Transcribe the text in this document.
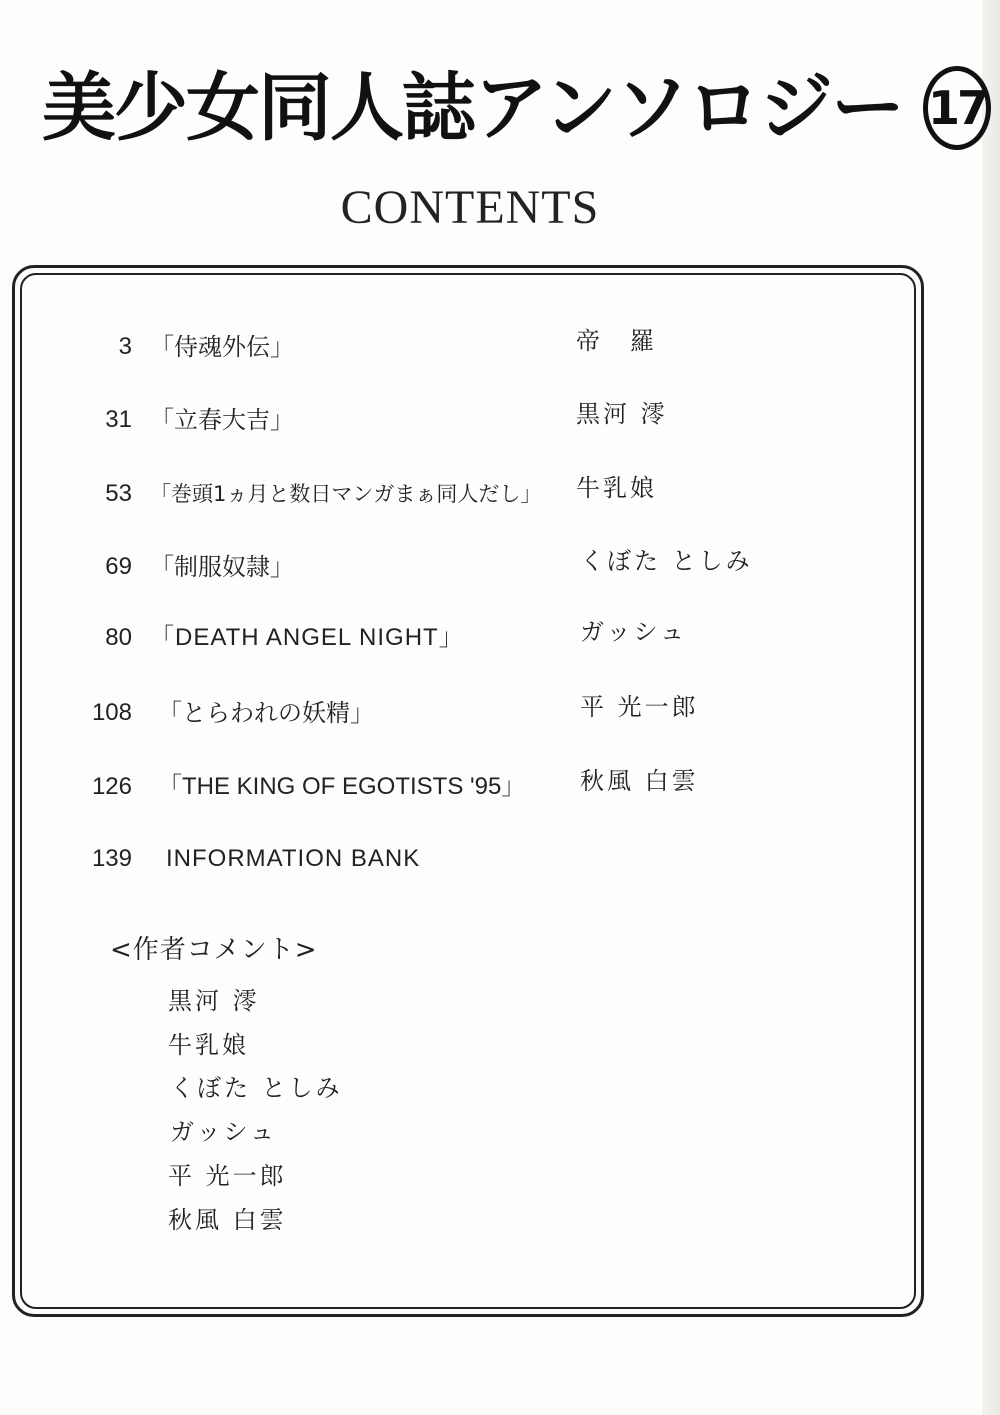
美少女同人誌アンソロジー 17
CONTENTS
3 「侍魂外伝」	帝　羅
31 「立春大吉」	黒河 澪
53 「巻頭1ヵ月と数日マンガまぁ同人だし」 牛乳娘
69 「制服奴隷」	くぼた としみ
80 「DEATH ANGEL NIGHT」	ガッシュ
108 「とらわれの妖精」	平 光一郎
126 「THE KING OF EGOTISTS '95」 秋風 白雲
139 INFORMATION BANK
<作者コメント>
黒河 澪
牛乳娘
くぼた としみ
ガッシュ
平 光一郎
秋風 白雲
